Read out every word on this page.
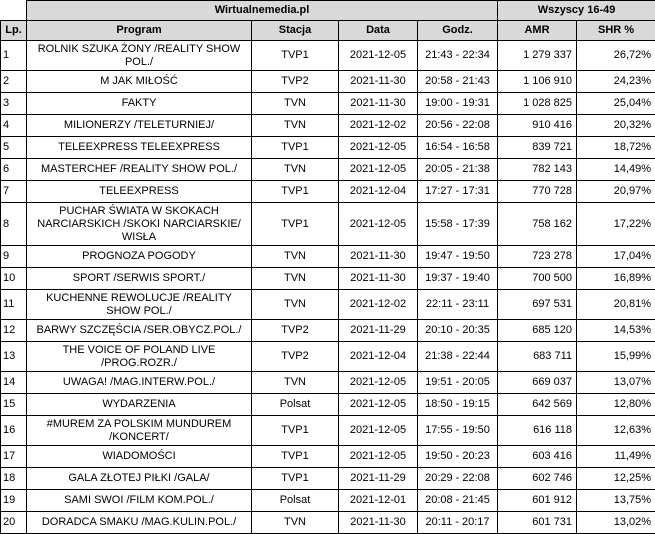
	Wirtualnemedia.pl				Wszyscy 16-49	
Lp.	Program	Stacja	Data	Godz.	AMR	SHR %
1	ROLNIK SZUKA ŻONY /REALITY SHOW POL./	TVP1	2021-12-05	21:43 - 22:34	1 279 337	26,72%
2	M JAK MIŁOŚĆ	TVP2	2021-11-30	20:58 - 21:43	1 106 910	24,23%
3	FAKTY	TVN	2021-11-30	19:00 - 19:31	1 028 825	25,04%
4	MILIONERZY /TELETURNIEJ/	TVN	2021-12-02	20:56 - 22:08	910 416	20,32%
5	TELEEXPRESS TELEEXPRESS	TVP1	2021-12-05	16:54 - 16:58	839 721	18,72%
6	MASTERCHEF /REALITY SHOW POL./	TVN	2021-12-05	20:05 - 21:38	782 143	14,49%
7	TELEEXPRESS	TVP1	2021-12-04	17:27 - 17:31	770 728	20,97%
8	PUCHAR ŚWIATA W SKOKACH NARCIARSKICH /SKOKI NARCIARSKIE/ WISŁA	TVP1	2021-12-05	15:58 - 17:39	758 162	17,22%
9	PROGNOZA POGODY	TVN	2021-11-30	19:47 - 19:50	723 278	17,04%
10	SPORT /SERWIS SPORT./	TVN	2021-11-30	19:37 - 19:40	700 500	16,89%
11	KUCHENNE REWOLUCJE /REALITY SHOW POL./	TVN	2021-12-02	22:11 - 23:11	697 531	20,81%
12	BARWY SZCZĘŚCIA /SER.OBYCZ.POL./	TVP2	2021-11-29	20:10 - 20:35	685 120	14,53%
13	THE VOICE OF POLAND LIVE /PROG.ROZR./	TVP2	2021-12-04	21:38 - 22:44	683 711	15,99%
14	UWAGA! /MAG.INTERW.POL./	TVN	2021-12-05	19:51 - 20:05	669 037	13,07%
15	WYDARZENIA	Polsat	2021-12-05	18:50 - 19:15	642 569	12,80%
16	#MUREM ZA POLSKIM MUNDUREM /KONCERT/	TVP1	2021-12-05	17:55 - 19:50	616 118	12,63%
17	WIADOMOŚCI	TVP1	2021-12-05	19:50 - 20:23	603 416	11,49%
18	GALA ZŁOTEJ PIŁKI /GALA/	TVP1	2021-11-29	20:29 - 22:08	602 746	12,25%
19	SAMI SWOI /FILM KOM.POL./	Polsat	2021-12-01	20:08 - 21:45	601 912	13,75%
20	DORADCA SMAKU /MAG.KULIN.POL./	TVN	2021-11-30	20:11 - 20:17	601 731	13,02%
